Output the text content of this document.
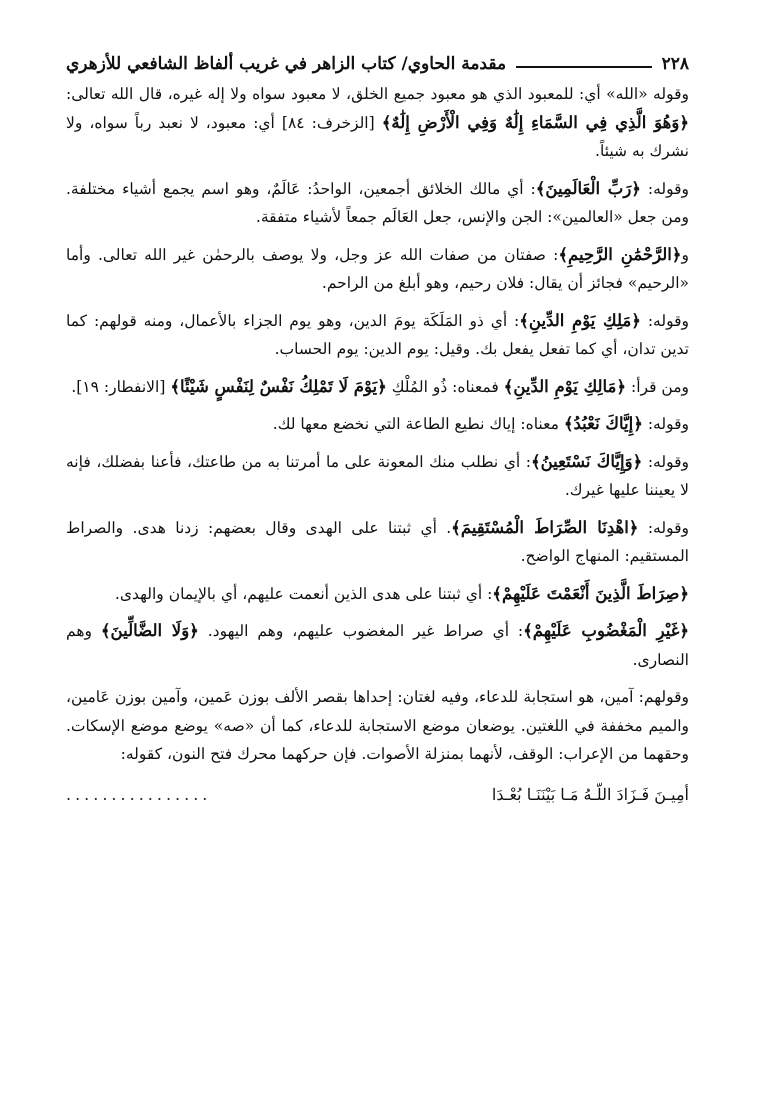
٢٢٨
مقدمة الحاوي/ كتاب الزاهر في غريب ألفاظ الشافعي للأزهري

وقوله «الله» أي: للمعبود الذي هو معبود جميع الخلق، لا معبود سواه ولا إله غيره، قال الله تعالى: ﴿وَهُوَ الَّذِي فِي السَّمَاءِ إِلَٰهٌ وَفِي الْأَرْضِ إِلَٰهٌ﴾ [الزخرف: ٨٤] أي: معبود، لا نعبد رباً سواه، ولا نشرك به شيئاً.

وقوله: ﴿رَبِّ الْعَالَمِينَ﴾: أي مالك الخلائق أجمعين، الواحدُ: عَالَمٌ، وهو اسم يجمع أشياء مختلفة. ومن جعل «العالمين»: الجن والإنس، جعل العَالَم جمعاً لأشياء متفقة.

و﴿الرَّحْمَٰنِ الرَّحِيمِ﴾: صفتان من صفات الله عز وجل، ولا يوصف بالرحمٰن غير الله تعالى. وأما «الرحيم» فجائز أن يقال: فلان رحيم، وهو أبلغ من الراحم.

وقوله: ﴿مَلِكِ يَوْمِ الدِّينِ﴾: أي ذو المَلَكَة يومَ الدين، وهو يوم الجزاء بالأعمال، ومنه قولهم: كما تدين تدان، أي كما تفعل يفعل بك. وقيل: يوم الدين: يوم الحساب.

ومن قرأ: ﴿مَالِكِ يَوْمِ الدِّينِ﴾ فمعناه: ذُو المُلْكِ ﴿يَوْمَ لَا تَمْلِكُ نَفْسٌ لِنَفْسٍ شَيْئًا﴾ [الانفطار: ١٩].

وقوله: ﴿إِيَّاكَ نَعْبُدُ﴾ معناه: إياك نطيع الطاعة التي نخضع معها لك.

وقوله: ﴿وَإِيَّاكَ نَسْتَعِينُ﴾: أي نطلب منك المعونة على ما أمرتنا به من طاعتك، فأعنا بفضلك، فإنه لا يعيننا عليها غيرك.

وقوله: ﴿اهْدِنَا الصِّرَاطَ الْمُسْتَقِيمَ﴾. أي ثبتنا على الهدى وقال بعضهم: زدنا هدى. والصراط المستقيم: المنهاج الواضح.

﴿صِرَاطَ الَّذِينَ أَنْعَمْتَ عَلَيْهِمْ﴾: أي ثبتنا على هدى الذين أنعمت عليهم، أي بالإيمان والهدى.

﴿غَيْرِ الْمَغْضُوبِ عَلَيْهِمْ﴾: أي صراط غير المغضوب عليهم، وهم اليهود. ﴿وَلَا الضَّالِّينَ﴾ وهم النصارى.

وقولهم: آمين، هو استجابة للدعاء، وفيه لغتان: إحداها بقصر الألف بوزن عَمين، وآمين بوزن عَامين، والميم مخففة في اللغتين. يوضعان موضع الاستجابة للدعاء، كما أن «صه» يوضع موضع الإسكات. وحقهما من الإعراب: الوقف، لأنهما بمنزلة الأصوات. فإن حركهما محرك فتح النون، كقوله:

أمِيـنَ فَـزَادَ اللّـهُ مَـا بَيْنَنَـا بُعْـدَا
................
